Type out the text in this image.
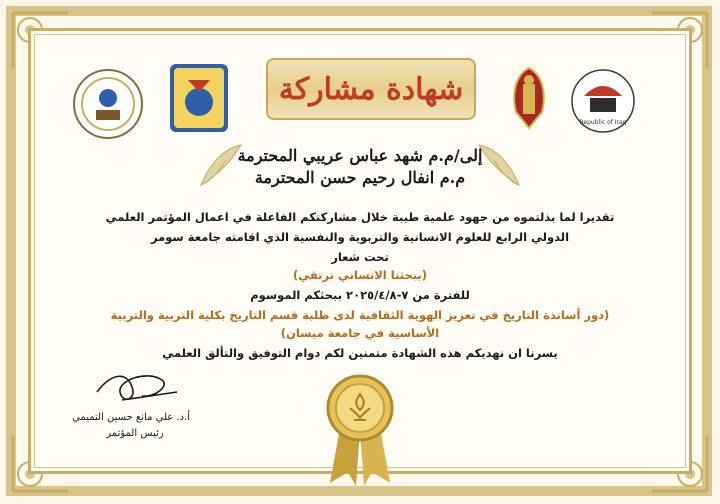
Republic of Iraq
شهادة مشاركة
إلى/م.م شهد عباس عريبي المحترمة
م.م انفال رحيم حسن المحترمة
تقديرا لما بذلتموه من جهود علمية طيبة خلال مشاركتكم الفاعلة في اعمال المؤتمر العلمي
الدولي الرابع للعلوم الانسانية والتربوية والنفسية الذي اقامته جامعة سومر
تحت شعار
(ببحثنا الانساني نرتقي)
للفترة من ٧-٢٠٢٥/٤/٨ ببحثكم الموسوم
(دور أساتذة التاريخ في تعزيز الهوية الثقافية لدى طلبة قسم التاريخ بكلية التربية والتربية
الأساسية في جامعة ميسان)
يسرنا ان نهديكم هذه الشهادة متمنين لكم دوام التوفيق والتألق العلمي
أ.د. علي مانع حسين التميمي
رئيس المؤتمر
